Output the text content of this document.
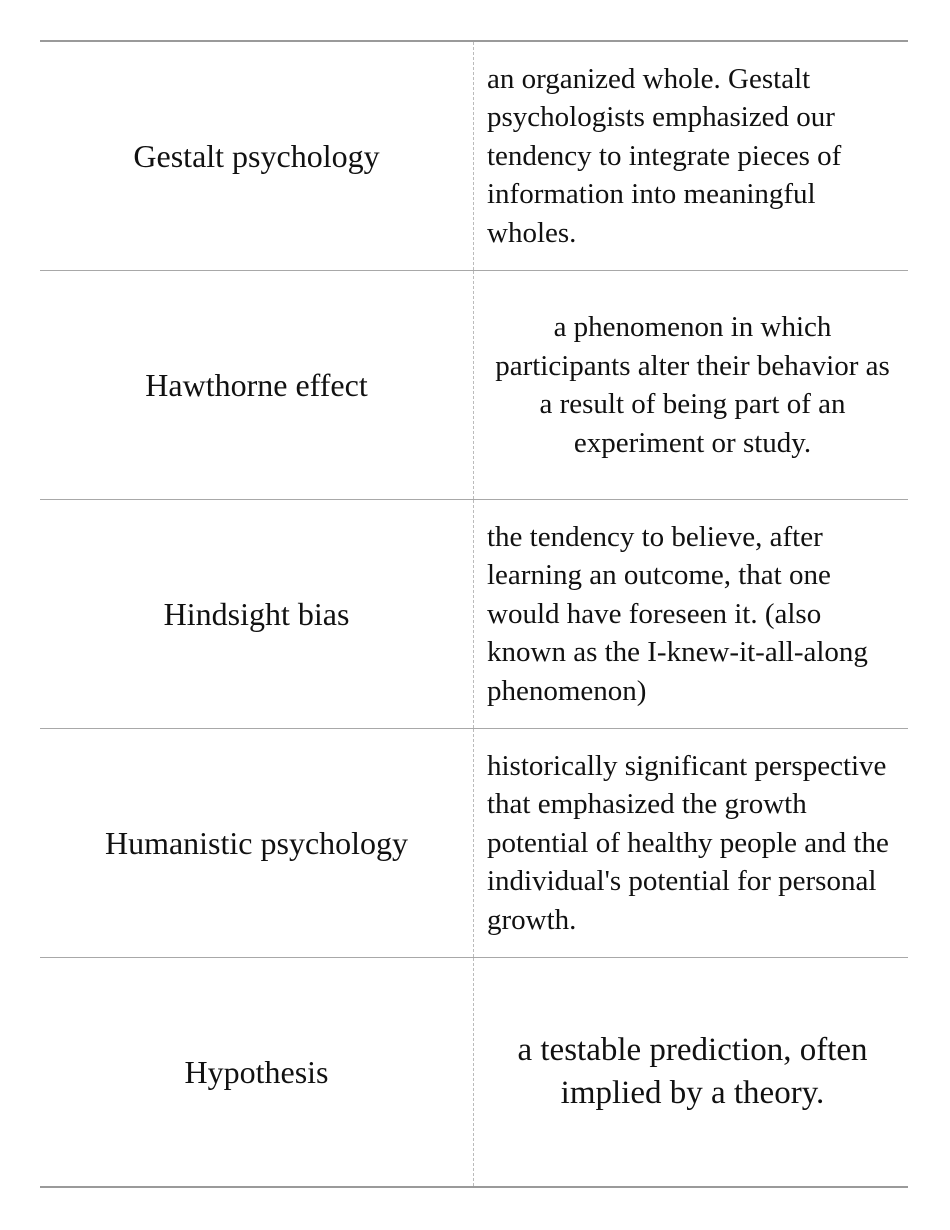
Gestalt psychology
an organized whole. Gestalt psychologists emphasized our tendency to integrate pieces of information into meaningful wholes.
Hawthorne effect
a phenomenon in which participants alter their behavior as a result of being part of an experiment or study.
Hindsight bias
the tendency to believe, after learning an outcome, that one would have foreseen it. (also known as the I-knew-it-all-along phenomenon)
Humanistic psychology
historically significant perspective that emphasized the growth potential of healthy people and the individual's potential for personal growth.
Hypothesis
a testable prediction, often implied by a theory.
